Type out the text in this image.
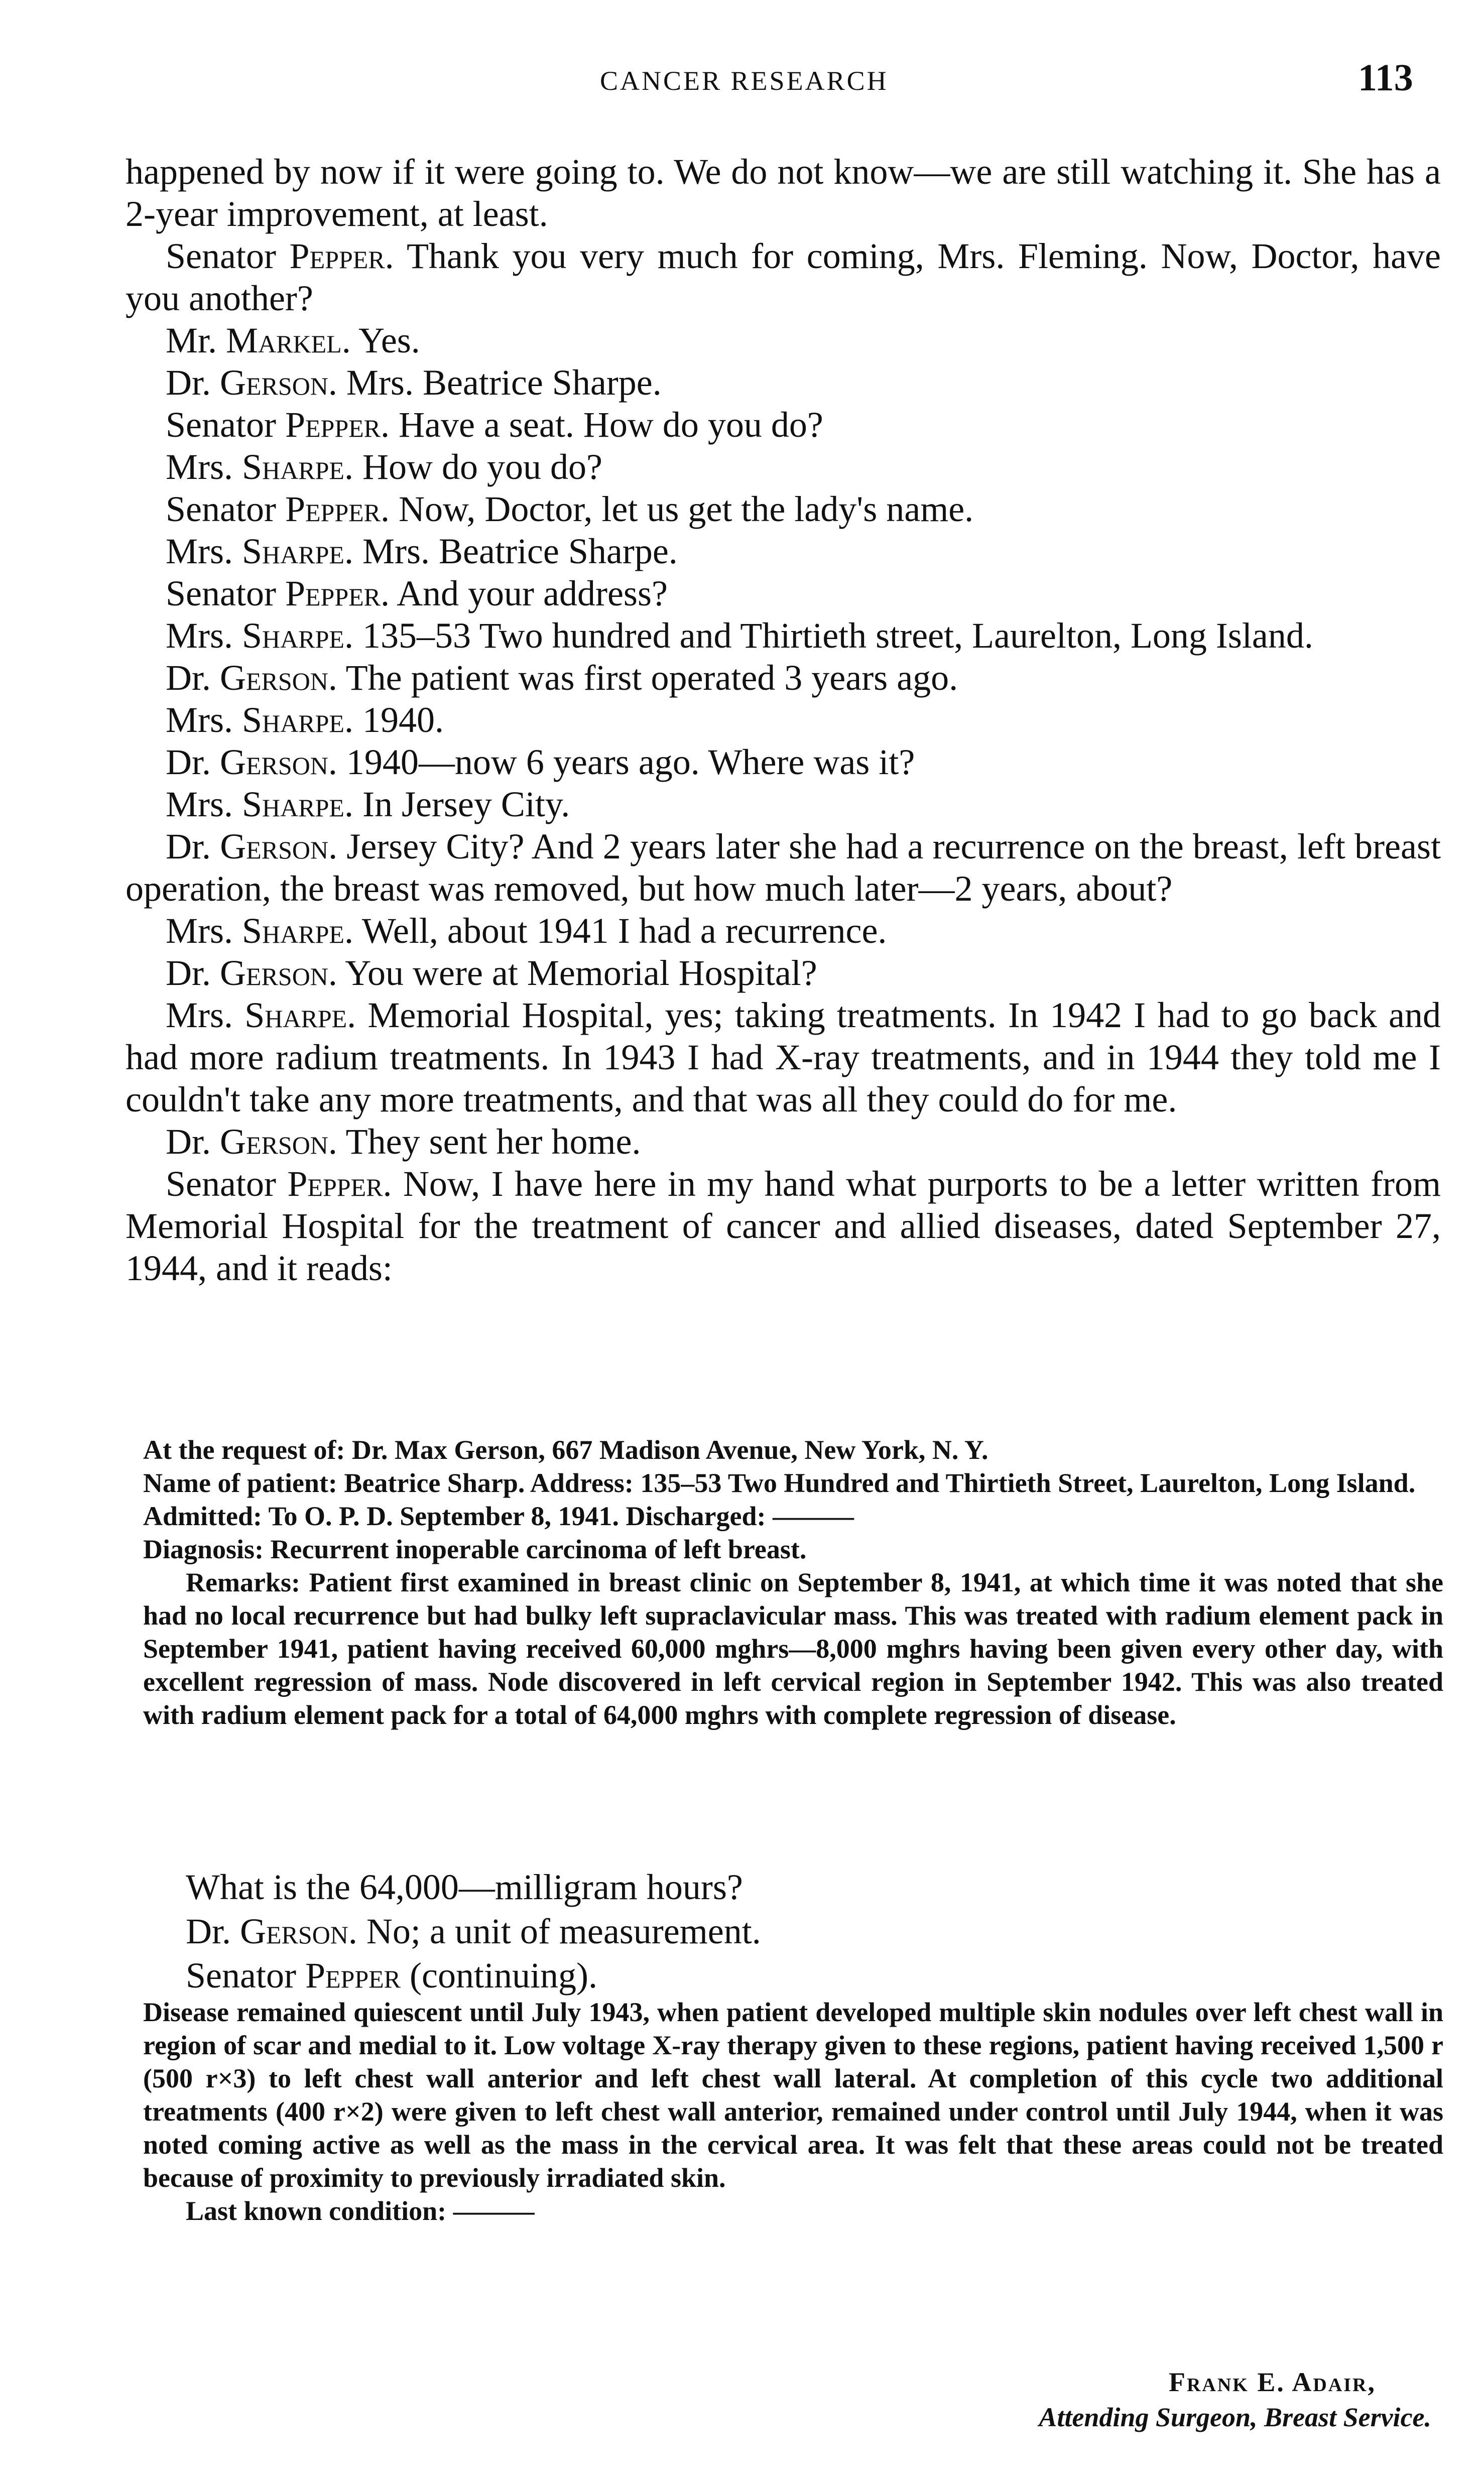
CANCER RESEARCH	113

happened by now if it were going to. We do not know—we are still watching it. She has a 2-year improvement, at least.

Senator Pepper. Thank you very much for coming, Mrs. Fleming. Now, Doctor, have you another?

Mr. Markel. Yes.

Dr. Gerson. Mrs. Beatrice Sharpe.

Senator Pepper. Have a seat. How do you do?

Mrs. Sharpe. How do you do?

Senator Pepper. Now, Doctor, let us get the lady's name.

Mrs. Sharpe. Mrs. Beatrice Sharpe.

Senator Pepper. And your address?

Mrs. Sharpe. 135–53 Two hundred and Thirtieth street, Laurelton, Long Island.

Dr. Gerson. The patient was first operated 3 years ago.

Mrs. Sharpe. 1940.

Dr. Gerson. 1940—now 6 years ago. Where was it?

Mrs. Sharpe. In Jersey City.

Dr. Gerson. Jersey City? And 2 years later she had a recurrence on the breast, left breast operation, the breast was removed, but how much later—2 years, about?

Mrs. Sharpe. Well, about 1941 I had a recurrence.

Dr. Gerson. You were at Memorial Hospital?

Mrs. Sharpe. Memorial Hospital, yes; taking treatments. In 1942 I had to go back and had more radium treatments. In 1943 I had X-ray treatments, and in 1944 they told me I couldn't take any more treatments, and that was all they could do for me.

Dr. Gerson. They sent her home.

Senator Pepper. Now, I have here in my hand what purports to be a letter written from Memorial Hospital for the treatment of cancer and allied diseases, dated September 27, 1944, and it reads:

At the request of: Dr. Max Gerson, 667 Madison Avenue, New York, N. Y.

Name of patient: Beatrice Sharp. Address: 135–53 Two Hundred and Thirtieth Street, Laurelton, Long Island.

Admitted: To O. P. D. September 8, 1941. Discharged: ———

Diagnosis: Recurrent inoperable carcinoma of left breast.

Remarks: Patient first examined in breast clinic on September 8, 1941, at which time it was noted that she had no local recurrence but had bulky left supraclavicular mass. This was treated with radium element pack in September 1941, patient having received 60,000 mghrs—8,000 mghrs having been given every other day, with excellent regression of mass. Node discovered in left cervical region in September 1942. This was also treated with radium element pack for a total of 64,000 mghrs with complete regression of disease.

What is the 64,000—milligram hours?

Dr. Gerson. No; a unit of measurement.

Senator Pepper (continuing).

Disease remained quiescent until July 1943, when patient developed multiple skin nodules over left chest wall in region of scar and medial to it. Low voltage X-ray therapy given to these regions, patient having received 1,500 r (500 r×3) to left chest wall anterior and left chest wall lateral. At completion of this cycle two additional treatments (400 r×2) were given to left chest wall anterior, remained under control until July 1944, when it was noted coming active as well as the mass in the cervical area. It was felt that these areas could not be treated because of proximity to previously irradiated skin.

Last known condition: ———

Frank E. Adair,
Attending Surgeon, Breast Service.
